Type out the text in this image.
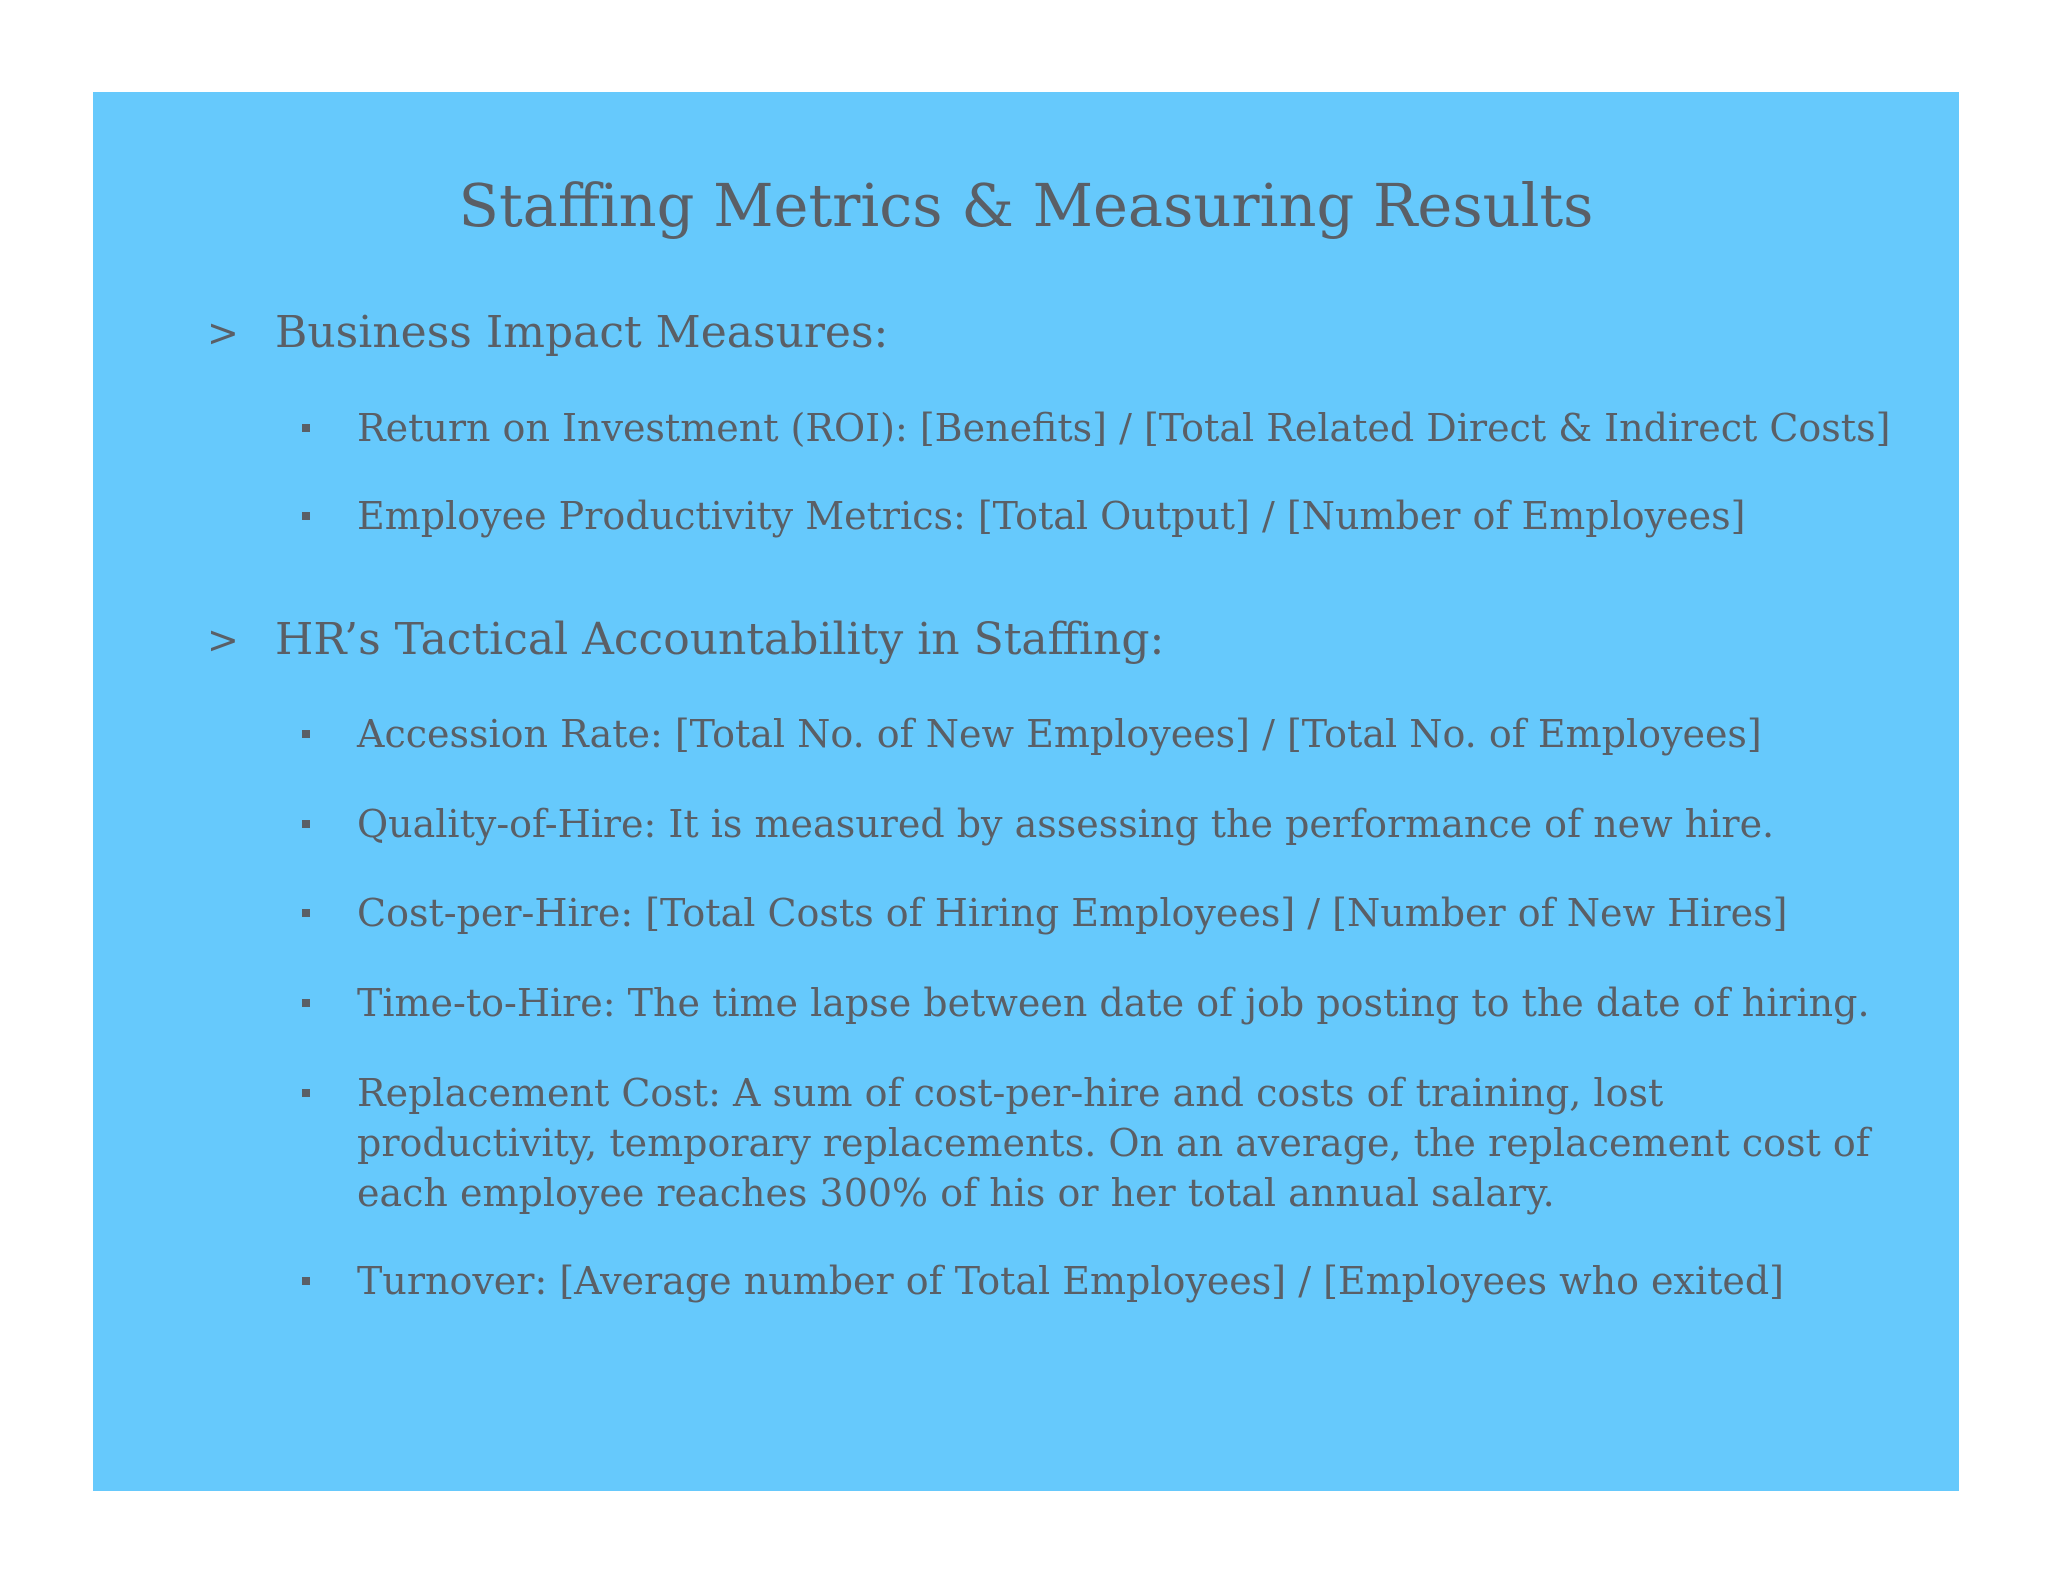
Staffing Metrics & Measuring Results
> Business Impact Measures:
Return on Investment (ROI): [Benefits] / [Total Related Direct & Indirect Costs]
Employee Productivity Metrics: [Total Output] / [Number of Employees]
> HR’s Tactical Accountability in Staffing:
Accession Rate: [Total No. of New Employees] / [Total No. of Employees]
Quality-of-Hire: It is measured by assessing the performance of new hire.
Cost-per-Hire: [Total Costs of Hiring Employees] / [Number of New Hires]
Time-to-Hire: The time lapse between date of job posting to the date of hiring.
Replacement Cost: A sum of cost-per-hire and costs of training, lost
productivity, temporary replacements. On an average, the replacement cost of
each employee reaches 300% of his or her total annual salary.
Turnover: [Average number of Total Employees] / [Employees who exited]
